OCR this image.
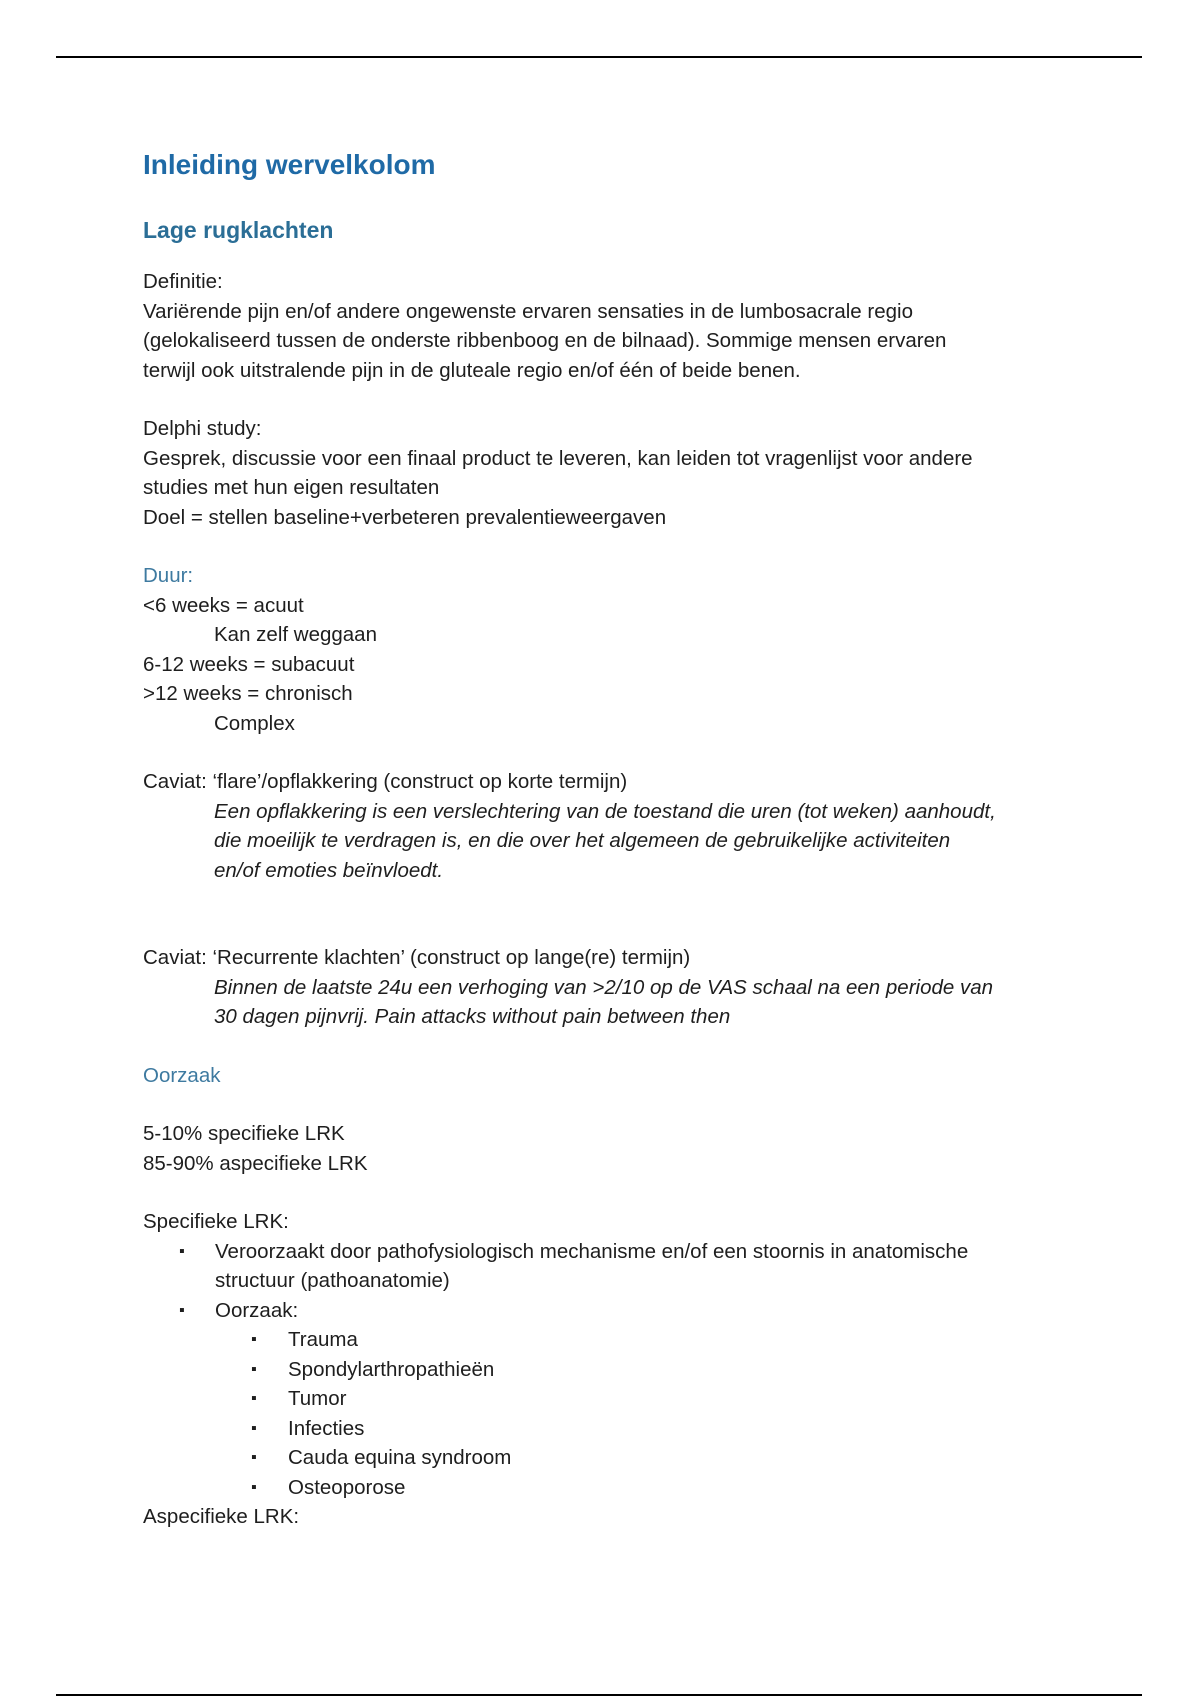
Inleiding wervelkolom
Lage rugklachten

Definitie:

Variërende pijn en/of andere ongewenste ervaren sensaties in de lumbosacrale regio

(gelokaliseerd tussen de onderste ribbenboog en de bilnaad). Sommige mensen ervaren

terwijl ook uitstralende pijn in de gluteale regio en/of één of beide benen.

Delphi study:

Gesprek, discussie voor een finaal product te leveren, kan leiden tot vragenlijst voor andere

studies met hun eigen resultaten

Doel = stellen baseline+verbeteren prevalentieweergaven

Duur:

<6 weeks = acuut

Kan zelf weggaan

6-12 weeks = subacuut

>12 weeks = chronisch

Complex

Caviat: ‘flare’/opflakkering (construct op korte termijn)

Een opflakkering is een verslechtering van de toestand die uren (tot weken) aanhoudt,

die moeilijk te verdragen is, en die over het algemeen de gebruikelijke activiteiten

en/of emoties beïnvloedt.

Caviat: ‘Recurrente klachten’ (construct op lange(re) termijn)

Binnen de laatste 24u een verhoging van >2/10 op de VAS schaal na een periode van

30 dagen pijnvrij. Pain attacks without pain between then

Oorzaak

5-10% specifieke LRK

85-90% aspecifieke LRK

Specifieke LRK:

▪ Veroorzaakt door pathofysiologisch mechanisme en/of een stoornis in anatomische
structuur (pathoanatomie)
▪ Oorzaak:
▪ Trauma
▪ Spondylarthropathieën
▪ Tumor
▪ Infecties
▪ Cauda equina syndroom
▪ Osteoporose

Aspecifieke LRK:
